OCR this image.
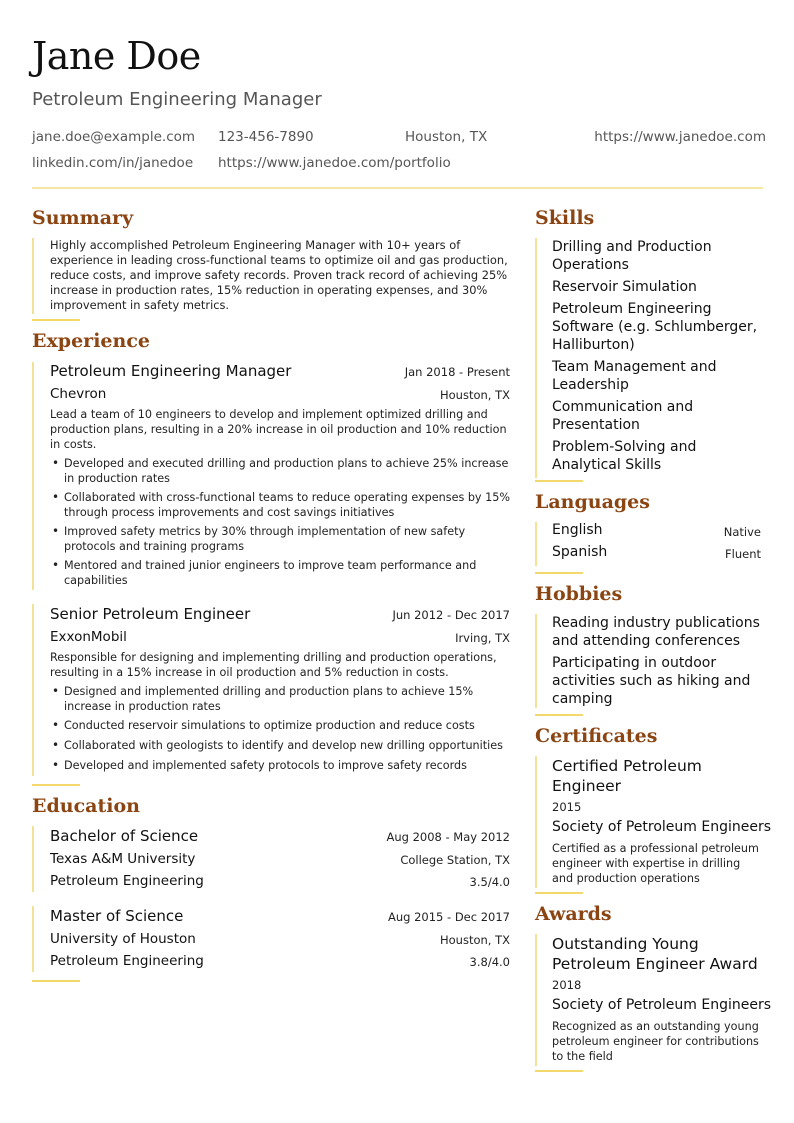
Jane Doe
Petroleum Engineering Manager
jane.doe@example.com 123-456-7890	Houston, TX	https://www.janedoe.com
linkedin.com/in/janedoe https://www.janedoe.com/portfolio
Summary
Highly accomplished Petroleum Engineering Manager with 10+ years of experience in leading cross-functional teams to optimize oil and gas production, reduce costs, and improve safety records. Proven track record of achieving 25% increase in production rates, 15% reduction in operating expenses, and 30% improvement in safety metrics.
Experience
Petroleum Engineering Manager	Jan 2018 - Present
Chevron	Houston, TX
Lead a team of 10 engineers to develop and implement optimized drilling and production plans, resulting in a 20% increase in oil production and 10% reduction in costs.
• Developed and executed drilling and production plans to achieve 25% increase in production rates
• Collaborated with cross-functional teams to reduce operating expenses by 15% through process improvements and cost savings initiatives
• Improved safety metrics by 30% through implementation of new safety protocols and training programs
• Mentored and trained junior engineers to improve team performance and capabilities
Senior Petroleum Engineer	Jun 2012 - Dec 2017
ExxonMobil	Irving, TX
Responsible for designing and implementing drilling and production operations, resulting in a 15% increase in oil production and 5% reduction in costs.
• Designed and implemented drilling and production plans to achieve 15% increase in production rates
• Conducted reservoir simulations to optimize production and reduce costs
• Collaborated with geologists to identify and develop new drilling opportunities
• Developed and implemented safety protocols to improve safety records
Education
Bachelor of Science	Aug 2008 - May 2012
Texas A&M University	College Station, TX
Petroleum Engineering	3.5/4.0
Master of Science	Aug 2015 - Dec 2017
University of Houston	Houston, TX
Petroleum Engineering	3.8/4.0
Skills
Drilling and Production Operations
Reservoir Simulation
Petroleum Engineering Software (e.g. Schlumberger, Halliburton)
Team Management and Leadership
Communication and Presentation
Problem-Solving and Analytical Skills
Languages
English	Native
Spanish	Fluent
Hobbies
Reading industry publications and attending conferences
Participating in outdoor activities such as hiking and camping
Certificates
Certified Petroleum Engineer
2015
Society of Petroleum Engineers
Certified as a professional petroleum engineer with expertise in drilling and production operations
Awards
Outstanding Young Petroleum Engineer Award
2018
Society of Petroleum Engineers
Recognized as an outstanding young petroleum engineer for contributions to the field
